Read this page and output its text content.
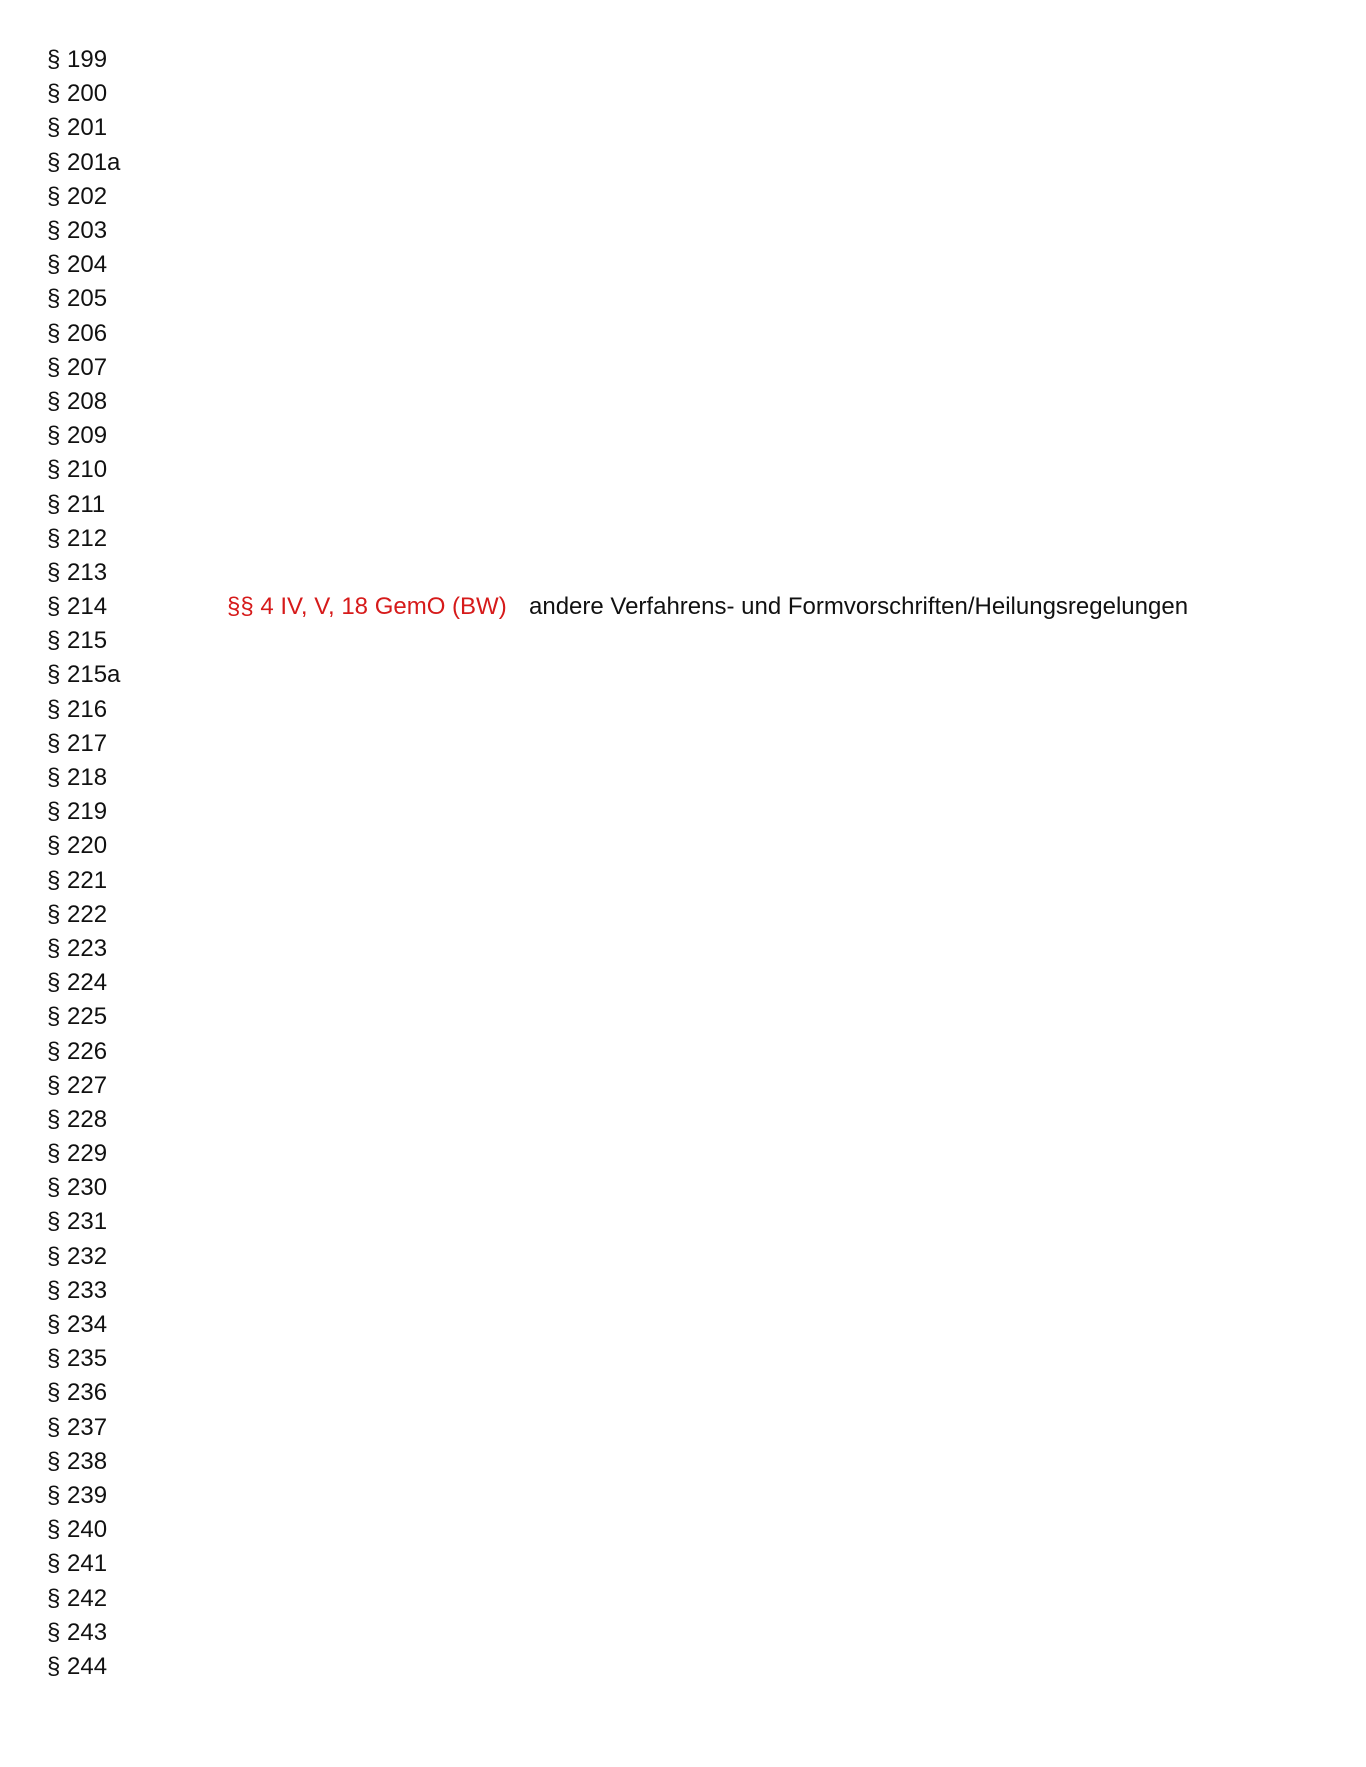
§ 199
§ 200
§ 201
§ 201a
§ 202
§ 203
§ 204
§ 205
§ 206
§ 207
§ 208
§ 209
§ 210
§ 211
§ 212
§ 213
§ 214	§§ 4 IV, V, 18 GemO (BW) andere Verfahrens- und Formvorschriften/Heilungsregelungen
§ 215
§ 215a
§ 216
§ 217
§ 218
§ 219
§ 220
§ 221
§ 222
§ 223
§ 224
§ 225
§ 226
§ 227
§ 228
§ 229
§ 230
§ 231
§ 232
§ 233
§ 234
§ 235
§ 236
§ 237
§ 238
§ 239
§ 240
§ 241
§ 242
§ 243
§ 244
